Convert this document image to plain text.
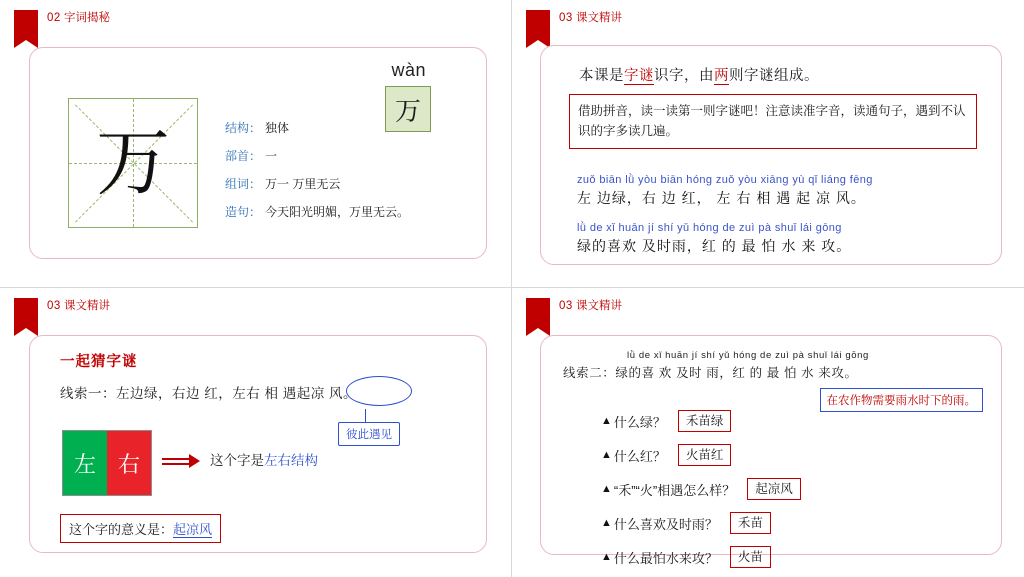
02 字词揭秘
wàn
万
万	结构： 独体
部首： 一
组词： 万一 万里无云
造句： 今天阳光明媚，万里无云。
03 课文精讲
本课是字谜识字，由两则字谜组成。
借助拼音，读一读第一则字谜吧！注意读准字音，读通句子，遇到不认识的字多读几遍。
zuǒ biān lǜ yòu biān hóng zuǒ yòu xiāng yù qǐ liáng fēng
左 边绿，右 边 红， 左 右 相 遇 起 凉 风。
lǜ de xǐ huān jí shí yǔ hóng de zuì pà shuǐ lái gōng
绿的喜欢 及时雨，红 的 最 怕 水 来 攻。
03 课文精讲
一起猜字谜
线索一：左边绿，右边 红，左右 相 遇起凉 风。
彼此遇见
左 右	这个字是左右结构
这个字的意义是：起凉风
03 课文精讲
lǜ de xǐ huān jí shí yǔ hóng de zuì pà shuǐ lái gōng
线索二：绿的喜 欢 及时 雨，红 的 最 怕 水 来攻。
在农作物需要雨水时下的雨。
▲ 什么绿？	禾苗绿
▲ 什么红？	火苗红
▲ “禾”“火”相遇怎么样？	起凉风
▲ 什么喜欢及时雨？	禾苗
▲ 什么最怕水来攻？	火苗
